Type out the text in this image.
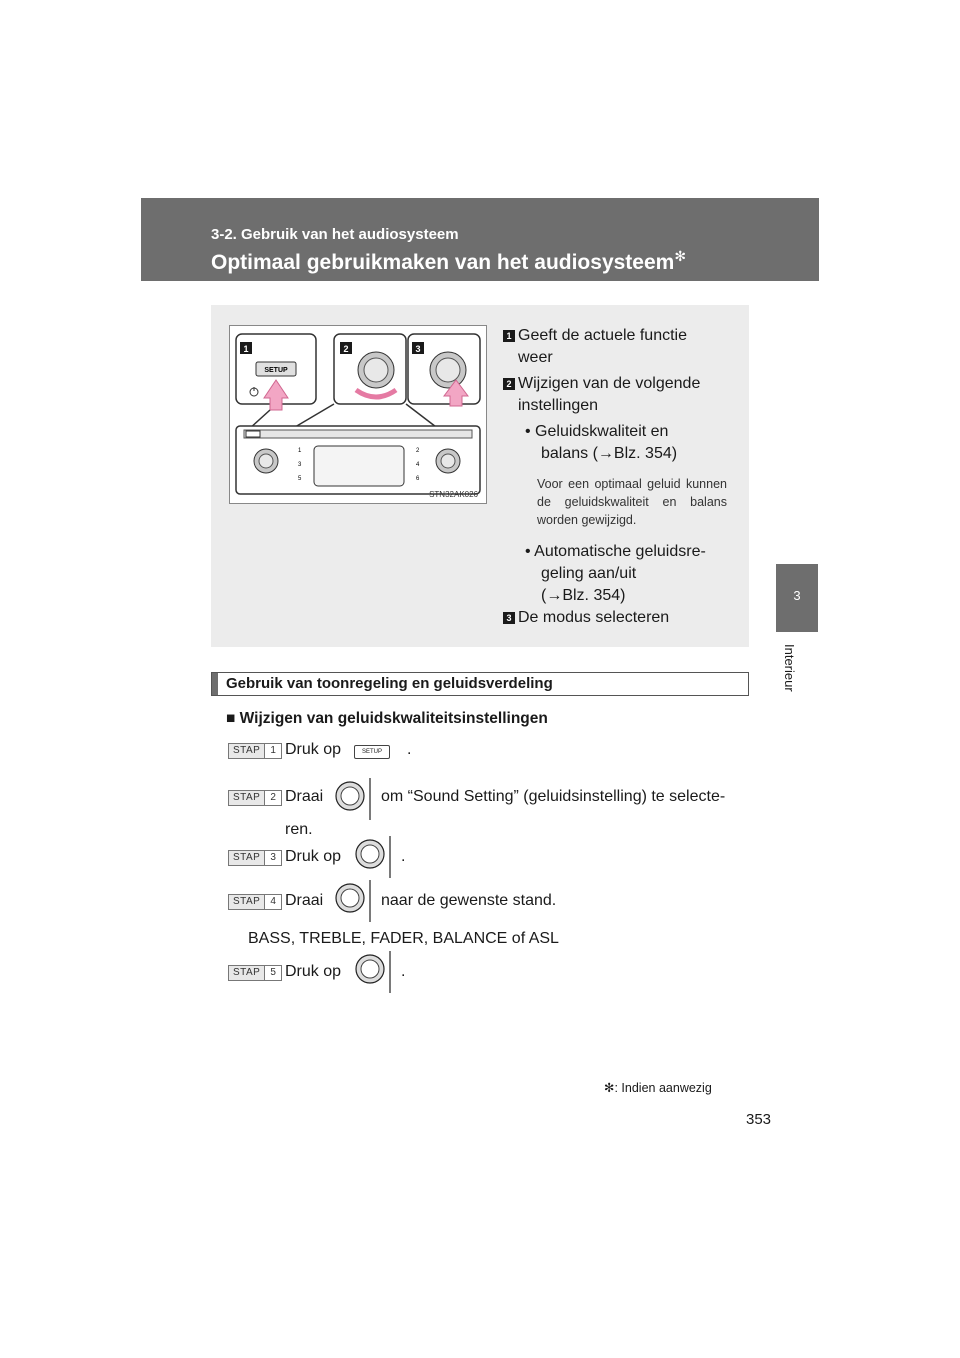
3-2. Gebruik van het audiosysteem
Optimaal gebruikmaken van het audiosysteem✻
3
Interieur
1	2	3
SETUP
1	2
3	4
5	6
STN32AK026
1 Geeft de actuele functie
weer
2 Wijzigen van de volgende
instellingen
• Geluidskwaliteit en
balans (→Blz. 354)
Voor een optimaal geluid kunnen de geluidskwaliteit en balans worden gewijzigd.
• Automatische geluidsre-
geling aan/uit
(→Blz. 354)
3 De modus selecteren
Gebruik van toonregeling en geluidsverdeling
■ Wijzigen van geluidskwaliteitsinstellingen
STAP	1 Druk op	SETUP	.
STAP	2 Draai	om “Sound Setting” (geluidsinstelling) te selecte-
ren.
STAP	3 Druk op	.
STAP	4 Draai	naar de gewenste stand.
BASS, TREBLE, FADER, BALANCE of ASL
STAP	5 Druk op	.
✻: Indien aanwezig
353
